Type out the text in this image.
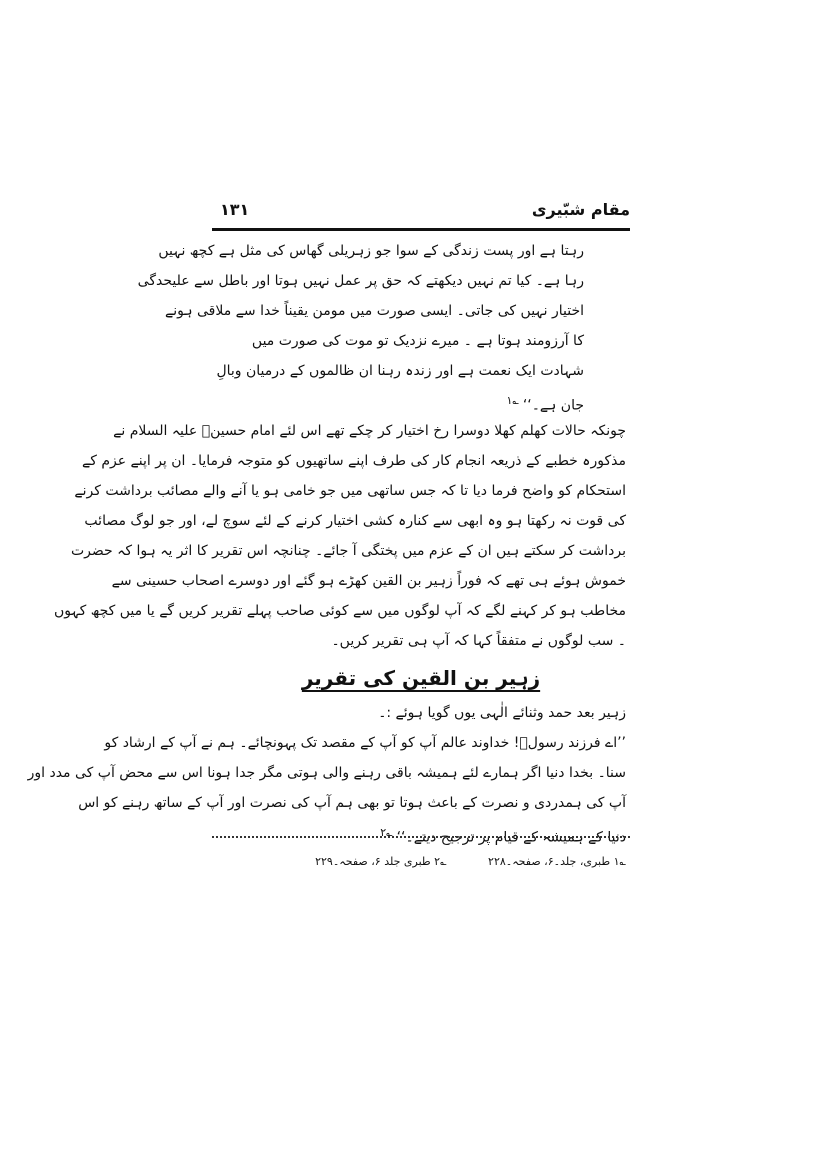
مقام شبّیری
۱۳۱
رہتا ہے اور پست زندگی کے سوا جو زہریلی گھاس کی مثل ہے کچھ نہیں
رہا ہے۔ کیا تم نہیں دیکھتے کہ حق پر عمل نہیں ہوتا اور باطل سے علیحدگی
اختیار نہیں کی جاتی۔ ایسی صورت میں مومن یقیناً خدا سے ملاقی ہونے
کا آرزومند ہوتا ہے ۔ میرے نزدیک تو موت کی صورت میں
شہادت ایک نعمت ہے اور زندہ رہنا ان ظالموں کے درمیان وبالِ
جان ہے۔‘‘$^{؎۱}$
چونکہ حالات کھلم کھلا دوسرا رخ اختیار کر چکے تھے اس لئے امام حسینؑ علیہ السلام نے
مذکورہ خطبے کے ذریعہ انجام کار کی طرف اپنے ساتھیوں کو متوجہ فرمایا۔ ان پر اپنے عزم کے
استحکام کو واضح فرما دیا تا کہ جس ساتھی میں جو خامی ہو یا آنے والے مصائب برداشت کرنے
کی قوت نہ رکھتا ہو وہ ابھی سے کنارہ کشی اختیار کرنے کے لئے سوچ لے، اور جو لوگ مصائب
برداشت کر سکتے ہیں ان کے عزم میں پختگی آ جائے۔ چنانچہ اس تقریر کا اثر یہ ہوا کہ حضرت
خموش ہوئے ہی تھے کہ فوراً زہیر بن القین کھڑے ہو گئے اور دوسرے اصحاب حسینی سے
مخاطب ہو کر کہنے لگے کہ آپ لوگوں میں سے کوئی صاحب پہلے تقریر کریں گے یا میں کچھ کہوں
۔ سب لوگوں نے متفقاً کہا کہ آپ ہی تقریر کریں۔
زہیر بن القین کی تقریر
زہیر بعد حمد وثنائے الٰہی یوں گویا ہوئے :۔
’’اے فرزند رسولؐ! خداوند عالم آپ کو آپ کے مقصد تک پہونچائے۔ ہم نے آپ کے ارشاد کو
سنا۔ بخدا دنیا اگر ہمارے لئے ہمیشہ باقی رہنے والی ہوتی مگر جدا ہونا اس سے محض آپ کی مدد اور
آپ کی ہمدردی و نصرت کے باعث ہوتا تو بھی ہم آپ کی نصرت اور آپ کے ساتھ رہنے کو اس
دنیا کے ہمیشہ کے قیام پر ترجیح دیتے۔‘‘$^{؎۲}$
؎۱ طبری، جلد۔۶، صفحہ۔۲۲۸ ؎۲ طبری جلد ۶، صفحہ۔۲۲۹
